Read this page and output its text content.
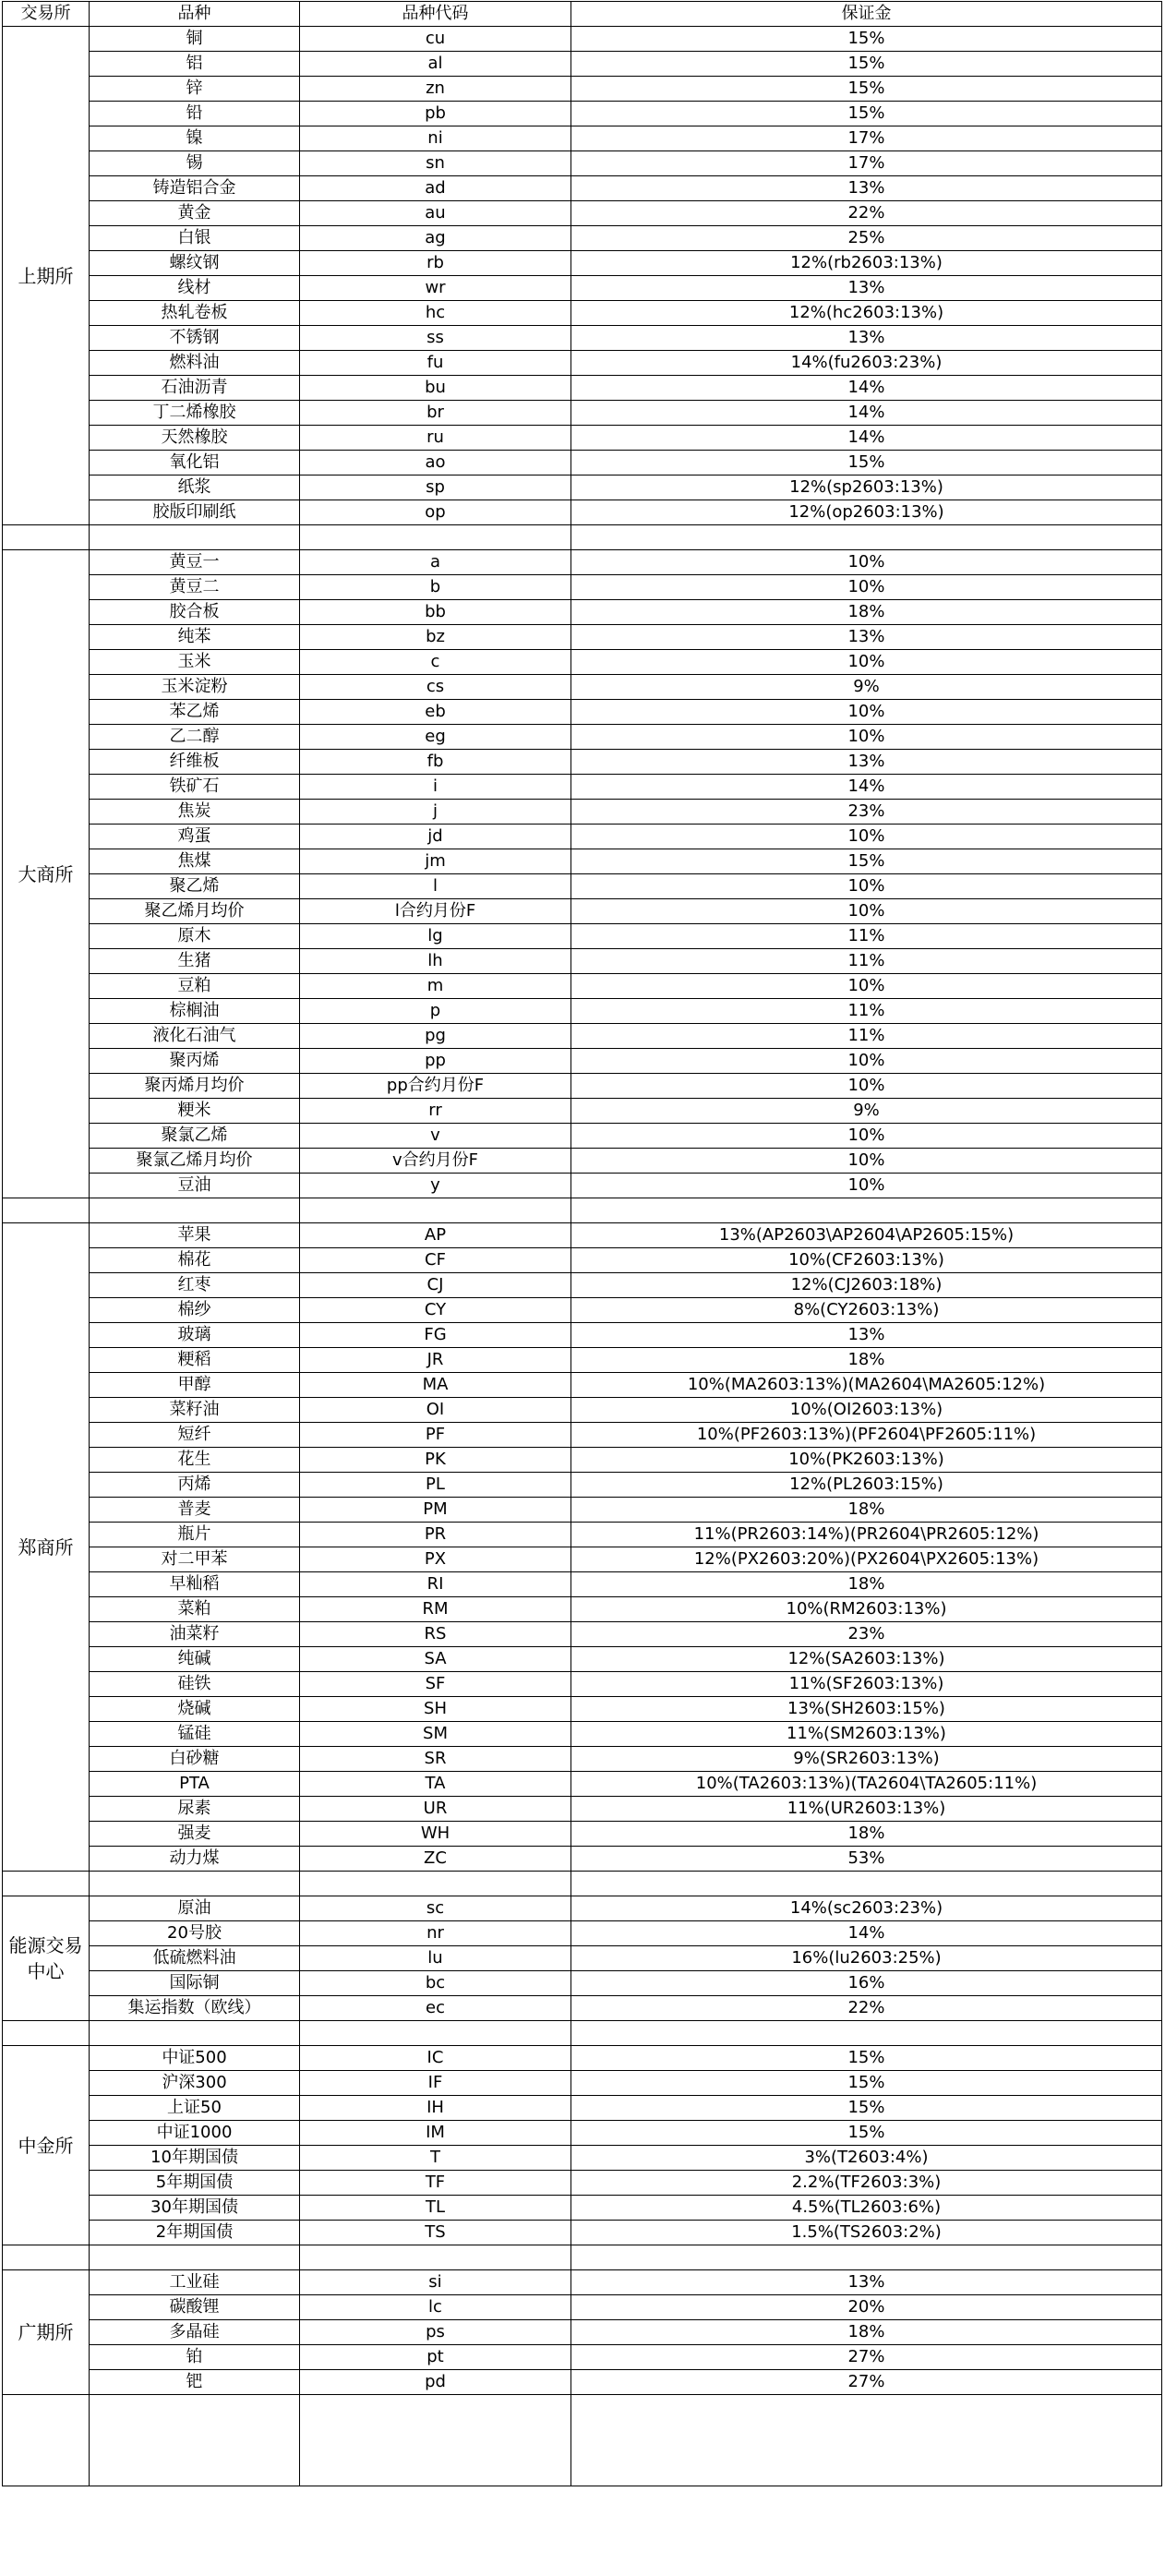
交易所	品种	品种代码	保证金
上期所	铜	cu	15%
	铝	al	15%
	锌	zn	15%
	铅	pb	15%
	镍	ni	17%
	锡	sn	17%
	铸造铝合金	ad	13%
	黄金	au	22%
	白银	ag	25%
	螺纹钢	rb	12%(rb2603:13%)
	线材	wr	13%
	热轧卷板	hc	12%(hc2603:13%)
	不锈钢	ss	13%
	燃料油	fu	14%(fu2603:23%)
	石油沥青	bu	14%
	丁二烯橡胶	br	14%
	天然橡胶	ru	14%
	氧化铝	ao	15%
	纸浆	sp	12%(sp2603:13%)
	胶版印刷纸	op	12%(op2603:13%)

大商所	黄豆一	a	10%
	黄豆二	b	10%
	胶合板	bb	18%
	纯苯	bz	13%
	玉米	c	10%
	玉米淀粉	cs	9%
	苯乙烯	eb	10%
	乙二醇	eg	10%
	纤维板	fb	13%
	铁矿石	i	14%
	焦炭	j	23%
	鸡蛋	jd	10%
	焦煤	jm	15%
	聚乙烯	l	10%
	聚乙烯月均价	l合约月份F	10%
	原木	lg	11%
	生猪	lh	11%
	豆粕	m	10%
	棕榈油	p	11%
	液化石油气	pg	11%
	聚丙烯	pp	10%
	聚丙烯月均价	pp合约月份F	10%
	粳米	rr	9%
	聚氯乙烯	v	10%
	聚氯乙烯月均价	v合约月份F	10%
	豆油	y	10%

郑商所	苹果	AP	13%(AP2603\AP2604\AP2605:15%)
	棉花	CF	10%(CF2603:13%)
	红枣	CJ	12%(CJ2603:18%)
	棉纱	CY	8%(CY2603:13%)
	玻璃	FG	13%
	粳稻	JR	18%
	甲醇	MA	10%(MA2603:13%)(MA2604\MA2605:12%)
	菜籽油	OI	10%(OI2603:13%)
	短纤	PF	10%(PF2603:13%)(PF2604\PF2605:11%)
	花生	PK	10%(PK2603:13%)
	丙烯	PL	12%(PL2603:15%)
	普麦	PM	18%
	瓶片	PR	11%(PR2603:14%)(PR2604\PR2605:12%)
	对二甲苯	PX	12%(PX2603:20%)(PX2604\PX2605:13%)
	早籼稻	RI	18%
	菜粕	RM	10%(RM2603:13%)
	油菜籽	RS	23%
	纯碱	SA	12%(SA2603:13%)
	硅铁	SF	11%(SF2603:13%)
	烧碱	SH	13%(SH2603:15%)
	锰硅	SM	11%(SM2603:13%)
	白砂糖	SR	9%(SR2603:13%)
	PTA	TA	10%(TA2603:13%)(TA2604\TA2605:11%)
	尿素	UR	11%(UR2603:13%)
	强麦	WH	18%
	动力煤	ZC	53%

能源交易中心	原油	sc	14%(sc2603:23%)
	20号胶	nr	14%
	低硫燃料油	lu	16%(lu2603:25%)
	国际铜	bc	16%
	集运指数（欧线）	ec	22%

中金所	中证500	IC	15%
	沪深300	IF	15%
	上证50	IH	15%
	中证1000	IM	15%
	10年期国债	T	3%(T2603:4%)
	5年期国债	TF	2.2%(TF2603:3%)
	30年期国债	TL	4.5%(TL2603:6%)
	2年期国债	TS	1.5%(TS2603:2%)

广期所	工业硅	si	13%
	碳酸锂	lc	20%
	多晶硅	ps	18%
	铂	pt	27%
	钯	pd	27%
